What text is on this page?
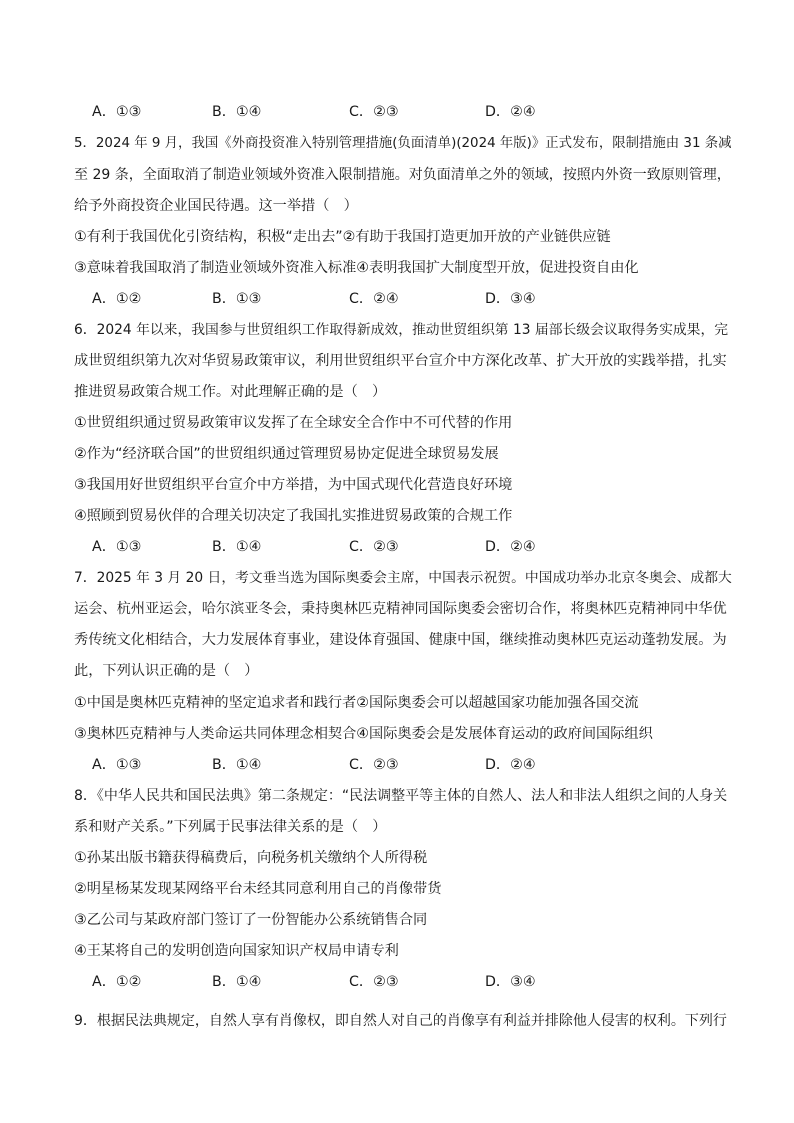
A．①③	B．①④	C．②③	D．②④
5．2024 年 9 月，我国《外商投资准入特别管理措施(负面清单)(2024 年版)》正式发布，限制措施由 31 条减
至 29 条，全面取消了制造业领域外资准入限制措施。对负面清单之外的领域，按照内外资一致原则管理，
给予外商投资企业国民待遇。这一举措（　）
①有利于我国优化引资结构，积极“走出去”②有助于我国打造更加开放的产业链供应链
③意味着我国取消了制造业领域外资准入标准④表明我国扩大制度型开放，促进投资自由化
A．①②	B．①③	C．②④	D．③④
6．2024 年以来，我国参与世贸组织工作取得新成效，推动世贸组织第 13 届部长级会议取得务实成果，完
成世贸组织第九次对华贸易政策审议，利用世贸组织平台宣介中方深化改革、扩大开放的实践举措，扎实
推进贸易政策合规工作。对此理解正确的是（　）
①世贸组织通过贸易政策审议发挥了在全球安全合作中不可代替的作用
②作为“经济联合国”的世贸组织通过管理贸易协定促进全球贸易发展
③我国用好世贸组织平台宣介中方举措，为中国式现代化营造良好环境
④照顾到贸易伙伴的合理关切决定了我国扎实推进贸易政策的合规工作
A．①③	B．①④	C．②③	D．②④
7．2025 年 3 月 20 日，考文垂当选为国际奥委会主席，中国表示祝贺。中国成功举办北京冬奥会、成都大
运会、杭州亚运会，哈尔滨亚冬会，秉持奥林匹克精神同国际奥委会密切合作，将奥林匹克精神同中华优
秀传统文化相结合，大力发展体育事业，建设体育强国、健康中国，继续推动奥林匹克运动蓬勃发展。为
此，下列认识正确的是（　）
①中国是奥林匹克精神的坚定追求者和践行者②国际奥委会可以超越国家功能加强各国交流
③奥林匹克精神与人类命运共同体理念相契合④国际奥委会是发展体育运动的政府间国际组织
A．①③	B．①④	C．②③	D．②④
8．《中华人民共和国民法典》第二条规定：“民法调整平等主体的自然人、法人和非法人组织之间的人身关
系和财产关系。”下列属于民事法律关系的是（　）
①孙某出版书籍获得稿费后，向税务机关缴纳个人所得税
②明星杨某发现某网络平台未经其同意利用自己的肖像带货
③乙公司与某政府部门签订了一份智能办公系统销售合同
④王某将自己的发明创造向国家知识产权局申请专利
A．①②	B．①④	C．②③	D．③④
9．根据民法典规定，自然人享有肖像权，即自然人对自己的肖像享有利益并排除他人侵害的权利。下列行
